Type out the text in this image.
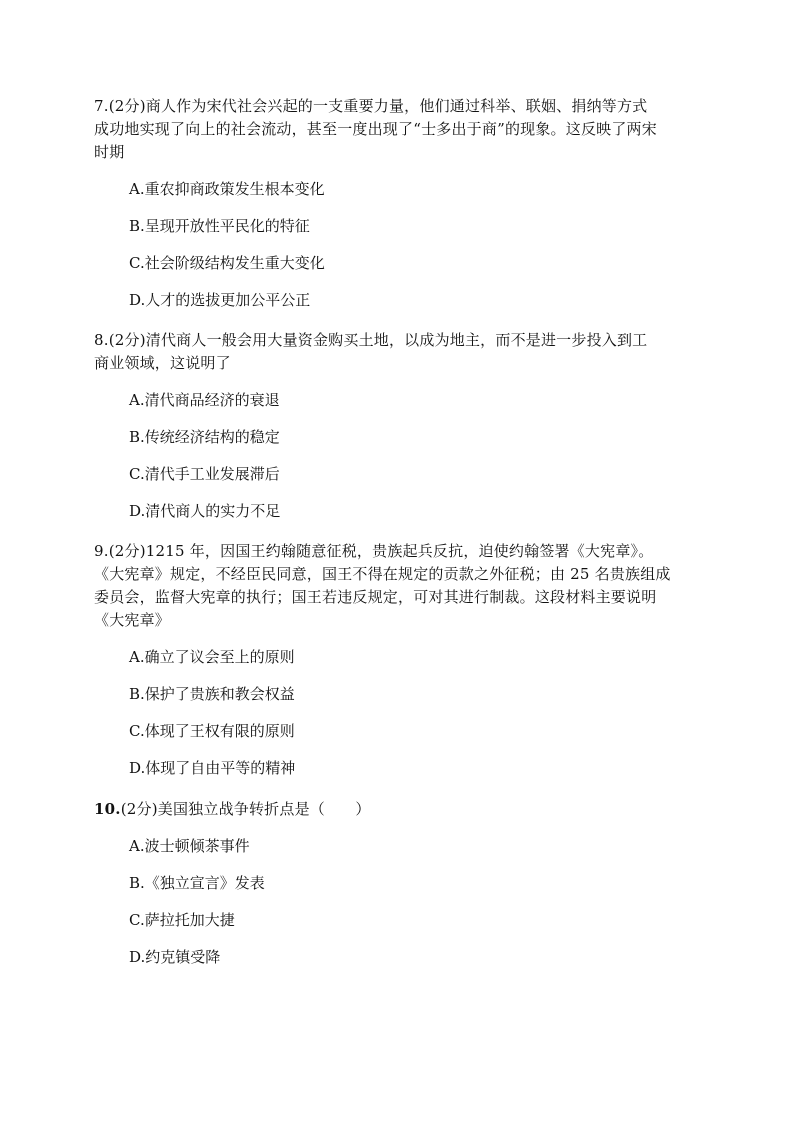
7.(2分)商人作为宋代社会兴起的一支重要力量，他们通过科举、联姻、捐纳等方式
成功地实现了向上的社会流动，甚至一度出现了“士多出于商”的现象。这反映了两宋
时期

A. 重农抑商政策发生根本变化
B. 呈现开放性平民化的特征
C. 社会阶级结构发生重大变化
D. 人才的选拔更加公平公正

8.(2分)清代商人一般会用大量资金购买土地，以成为地主，而不是进一步投入到工
商业领域，这说明了

A. 清代商品经济的衰退
B. 传统经济结构的稳定
C. 清代手工业发展滞后
D. 清代商人的实力不足

9.(2分)1215 年，因国王约翰随意征税，贵族起兵反抗，迫使约翰签署《大宪章》。
《大宪章》规定，不经臣民同意，国王不得在规定的贡款之外征税；由 25 名贵族组成
委员会，监督大宪章的执行；国王若违反规定，可对其进行制裁。这段材料主要说明
《大宪章》

A. 确立了议会至上的原则
B. 保护了贵族和教会权益
C. 体现了王权有限的原则
D. 体现了自由平等的精神

10.(2分)美国独立战争转折点是（　　）

A. 波士顿倾茶事件
B. 《独立宣言》发表
C. 萨拉托加大捷
D. 约克镇受降
